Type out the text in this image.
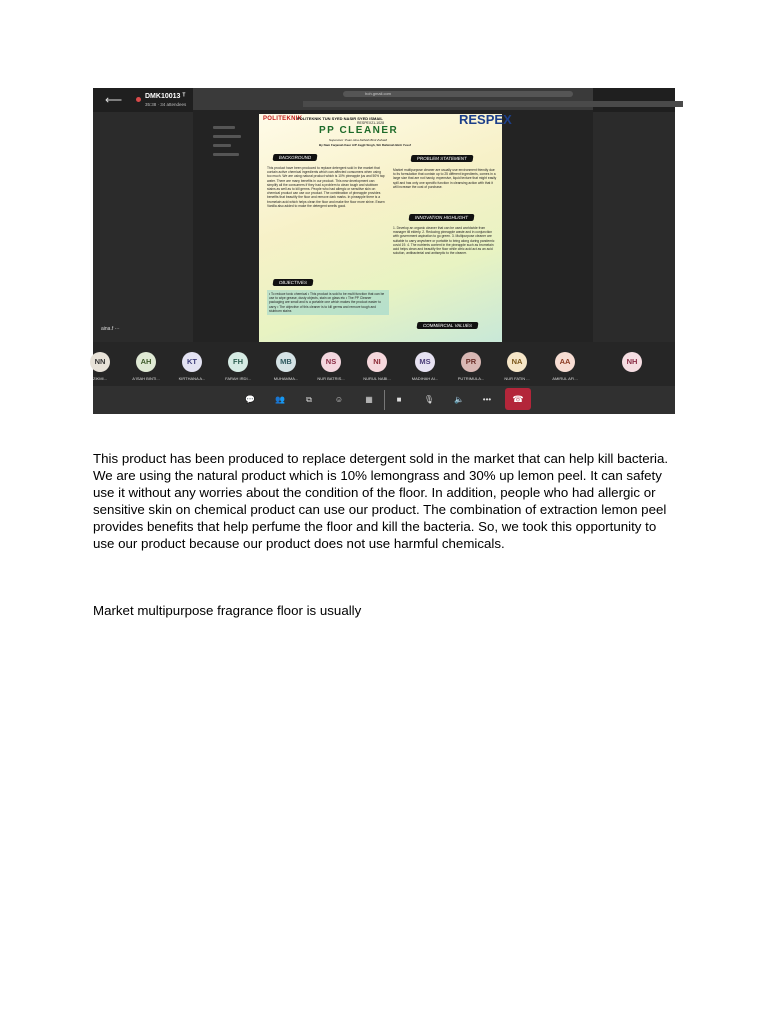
⟵	DMK10013 ᵀ
35:38 · 34 attendees
hoh.gmail.com
POLITEKNIK
POLITEKNIK TUN SYED NASIR SYED ISMAIL	RESPEX
RESPEX21-1028
PP CLEANER
Supervisor :Puan Aina Fathiah Binti Zuhaidi
By Nam Farjanah Kaur A/P Jagjit Singh, Siti Rahimah Binti Yusof
BACKGROUND	PROBLEM STATEMENT
INNOVATION HIGHLIGHT
OBJECTIVES
COMMERCIAL VALUES
This product have been produced to replace detergent sold in the market that contain active chemical ingredients which can affected consumers when using too much. We are using natural product which is 10% pineapple jus and 50% tap water. There are many benefits in our product. This new development can simplify all the consumers if they had a problem to clean tough and stubborn stains as well as to kill germs. People who had allergic or sensitive skin on chemical product can use our product. The combination of pineapple provides benefits that beautify the floor and remove dark marks. In pineapple there is a bromelain acid which helps clean the floor and make the floor more shine. Essen Vanilla also added to make the detergent smells good.
Market multipurpose cleaner are usually use environment friendly due to its formulation that contain up to 25 different ingredients, comes in a large size that are not handy, expensive, liquid texture that might easily spill and has only one specific function in cleansing action with that it will increase the cost of purchase.
1. Develop an organic cleaner that can be used worldwide from manager till elderly. 2. Reducing pineapple waste and in conjunction with government aspiration to go green. 3. Multipurpose cleaner are suitable to carry anywhere or portable to bring along during pandemic covid 19. 4. The nutrients content in the pineapple such as bromelain acid helps clean and beautify the floor while citric acid act as an acid solution, antibacterial and antiseptic to the cleaner.
• To reduce toxic chemical • This product is sold to be multi function that can be use to wipe grease, dusty objects, stain on glass etc • The PP Cleaner packaging are small and is a portable one which makes the product easier to carry • The objective of this cleaner is to kill germs and remove tough and stubborn stains
aina.f ···
NN
ZIKMI...
AH
A'ISAH BINTI...
KT
KIRTHANA A...
FH
FARAH IRDI...
MB
MUHAMMA...
NS
NUR BATRIS...
NI
NURUL NABI...
MS
MADIHAH AI...
PR
PUTRIMULA...
NA
NUR FATIN ...
AA
AMIRUL AFI...
NH
💬	👥	⧉	☺	▦	■	🎙 🔈 •••	☎

This product has been produced to replace detergent sold in the market that can help kill bacteria. We are using the natural product which is 10% lemongrass and 30% up lemon peel. It can safety use it without any worries about the condition of the floor. In addition, people who had allergic or sensitive skin on chemical product can use our product. The combination of extraction lemon peel provides benefits that help perfume the floor and kill the bacteria. So, we took this opportunity to use our product because our product does not use harmful chemicals.

Market multipurpose fragrance floor is usually
